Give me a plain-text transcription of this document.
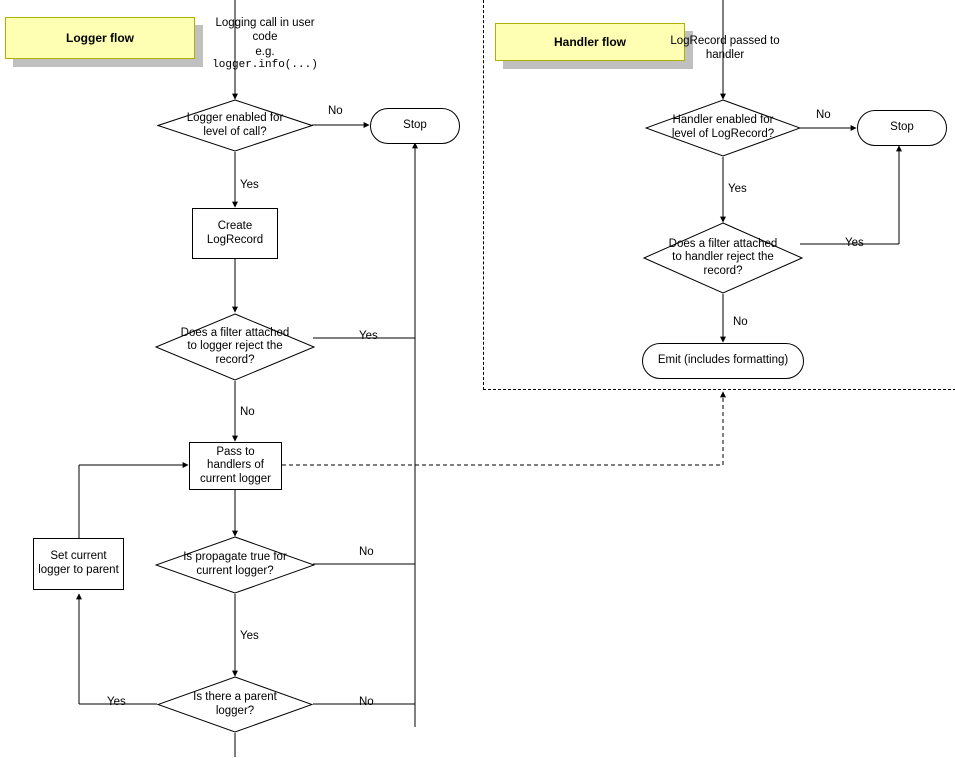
Logger flow	Handler flow
Logging call in user
code
e.g.
logger.info(...)
LogRecord passed to
handler
Logger enabled for
level of call?
Stop
Create
LogRecord
Does a filter attached
to logger reject the
record?
Pass to
handlers of
current logger
Is propagate true for
current logger?
Is there a parent
logger?
Set current
logger to parent
No
Yes
Yes
No
No
Yes
Yes	No
Handler enabled for
level of LogRecord?
Stop
Does a filter attached
to handler reject the
record?
Emit (includes formatting)
No
Yes
Yes
No
